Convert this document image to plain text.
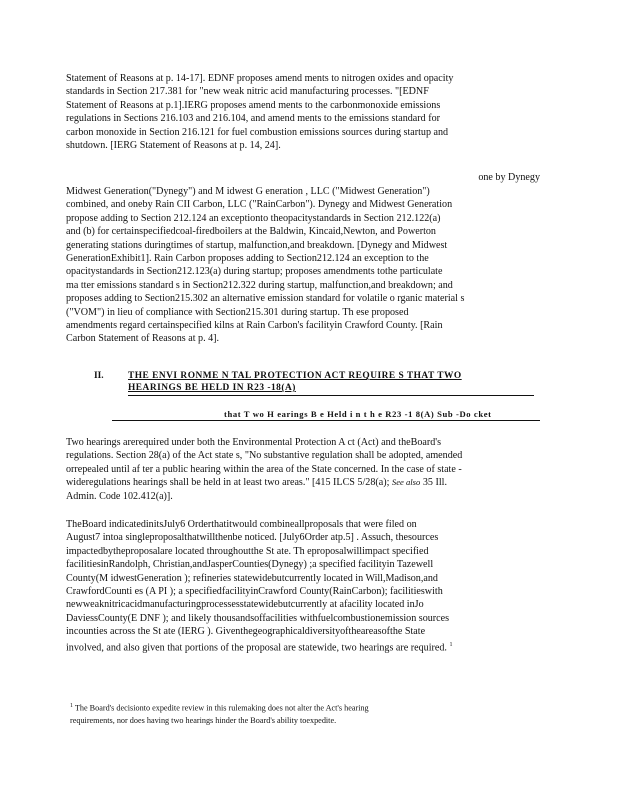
Statement of Reasons at p. 14-17]. EDNF proposes amend ments to nitrogen oxides and opacity
standards in Section 217.381 for "new weak nitric acid manufacturing processes. "[EDNF
Statement of Reasons at p.1].IERG proposes amend ments to the carbonmonoxide emissions
regulations in Sections 216.103 and 216.104, and amend ments to the emissions standard for
carbon monoxide in Section 216.121 for fuel combustion emissions sources during startup and
shutdown. [IERG Statement of Reasons at p. 14, 24].
one by Dynegy
Midwest Generation("Dynegy") and M idwest G eneration , LLC ("Midwest Generation")
combined, and oneby Rain CII Carbon, LLC ("RainCarbon"). Dynegy and Midwest Generation
propose adding to Section 212.124 an exceptionto theopacitystandards in Section 212.122(a)
and (b) for certainspecifiedcoal-firedboilers at the Baldwin, Kincaid,Newton, and Powerton
generating stations duringtimes of startup, malfunction,and breakdown. [Dynegy and Midwest
GenerationExhibit1]. Rain Carbon proposes adding to Section212.124 an exception to the
opacitystandards in Section212.123(a) during startup; proposes amendments tothe particulate
ma tter emissions standard s in Section212.322 during startup, malfunction,and breakdown; and
proposes adding to Section215.302 an alternative emission standard for volatile o rganic material s
("VOM") in lieu of compliance with Section215.301 during startup. Th ese proposed
amendments regard certainspecified kilns at Rain Carbon's facilityin Crawford County. [Rain
Carbon Statement of Reasons at p. 4].
II.	THE ENVI RONME N TAL PROTECTION ACT REQUIRE S THAT TWO
HEARINGS BE HELD IN R23 -18(A)
that T wo H earings B e Held i n t h e R23 -1 8(A) Sub -Do cket
Two hearings arerequired under both the Environmental Protection A ct (Act) and theBoard's
regulations. Section 28(a) of the Act state s, "No substantive regulation shall be adopted, amended
orrepealed until af ter a public hearing within the area of the State concerned. In the case of state -
wideregulations hearings shall be held in at least two areas." [415 ILCS 5/28(a); See also 35 Ill.
Admin. Code 102.412(a)].
TheBoard indicatedinitsJuly6 Orderthatitwould combineallproposals that were filed on
August7 intoa singleproposalthatwillthenbe noticed. [July6Order atp.5] . Assuch, thesources
impactedbytheproposalare located throughoutthe St ate. Th eproposalwillimpact specified
facilitiesinRandolph, Christian,andJasperCounties(Dynegy) ;a specified facilityin Tazewell
County(M idwestGeneration ); refineries statewidebutcurrently located in Will,Madison,and
CrawfordCounti es (A PI ); a specifiedfacilityinCrawford County(RainCarbon); facilitieswith
newweaknitricacidmanufacturingprocessesstatewidebutcurrently at afacility located inJo
DaviessCounty(E DNF ); and likely thousandsoffacilities withfuelcombustionemission sources
incounties across the St ate (IERG ). Giventhegeographicaldiversityoftheareasofthe State
involved, and also given that portions of the proposal are statewide, two hearings are required. $^1$
$^1$ The Board's decisionto expedite review in this rulemaking does not alter the Act's hearing
requirements, nor does having two hearings hinder the Board's ability toexpedite.
